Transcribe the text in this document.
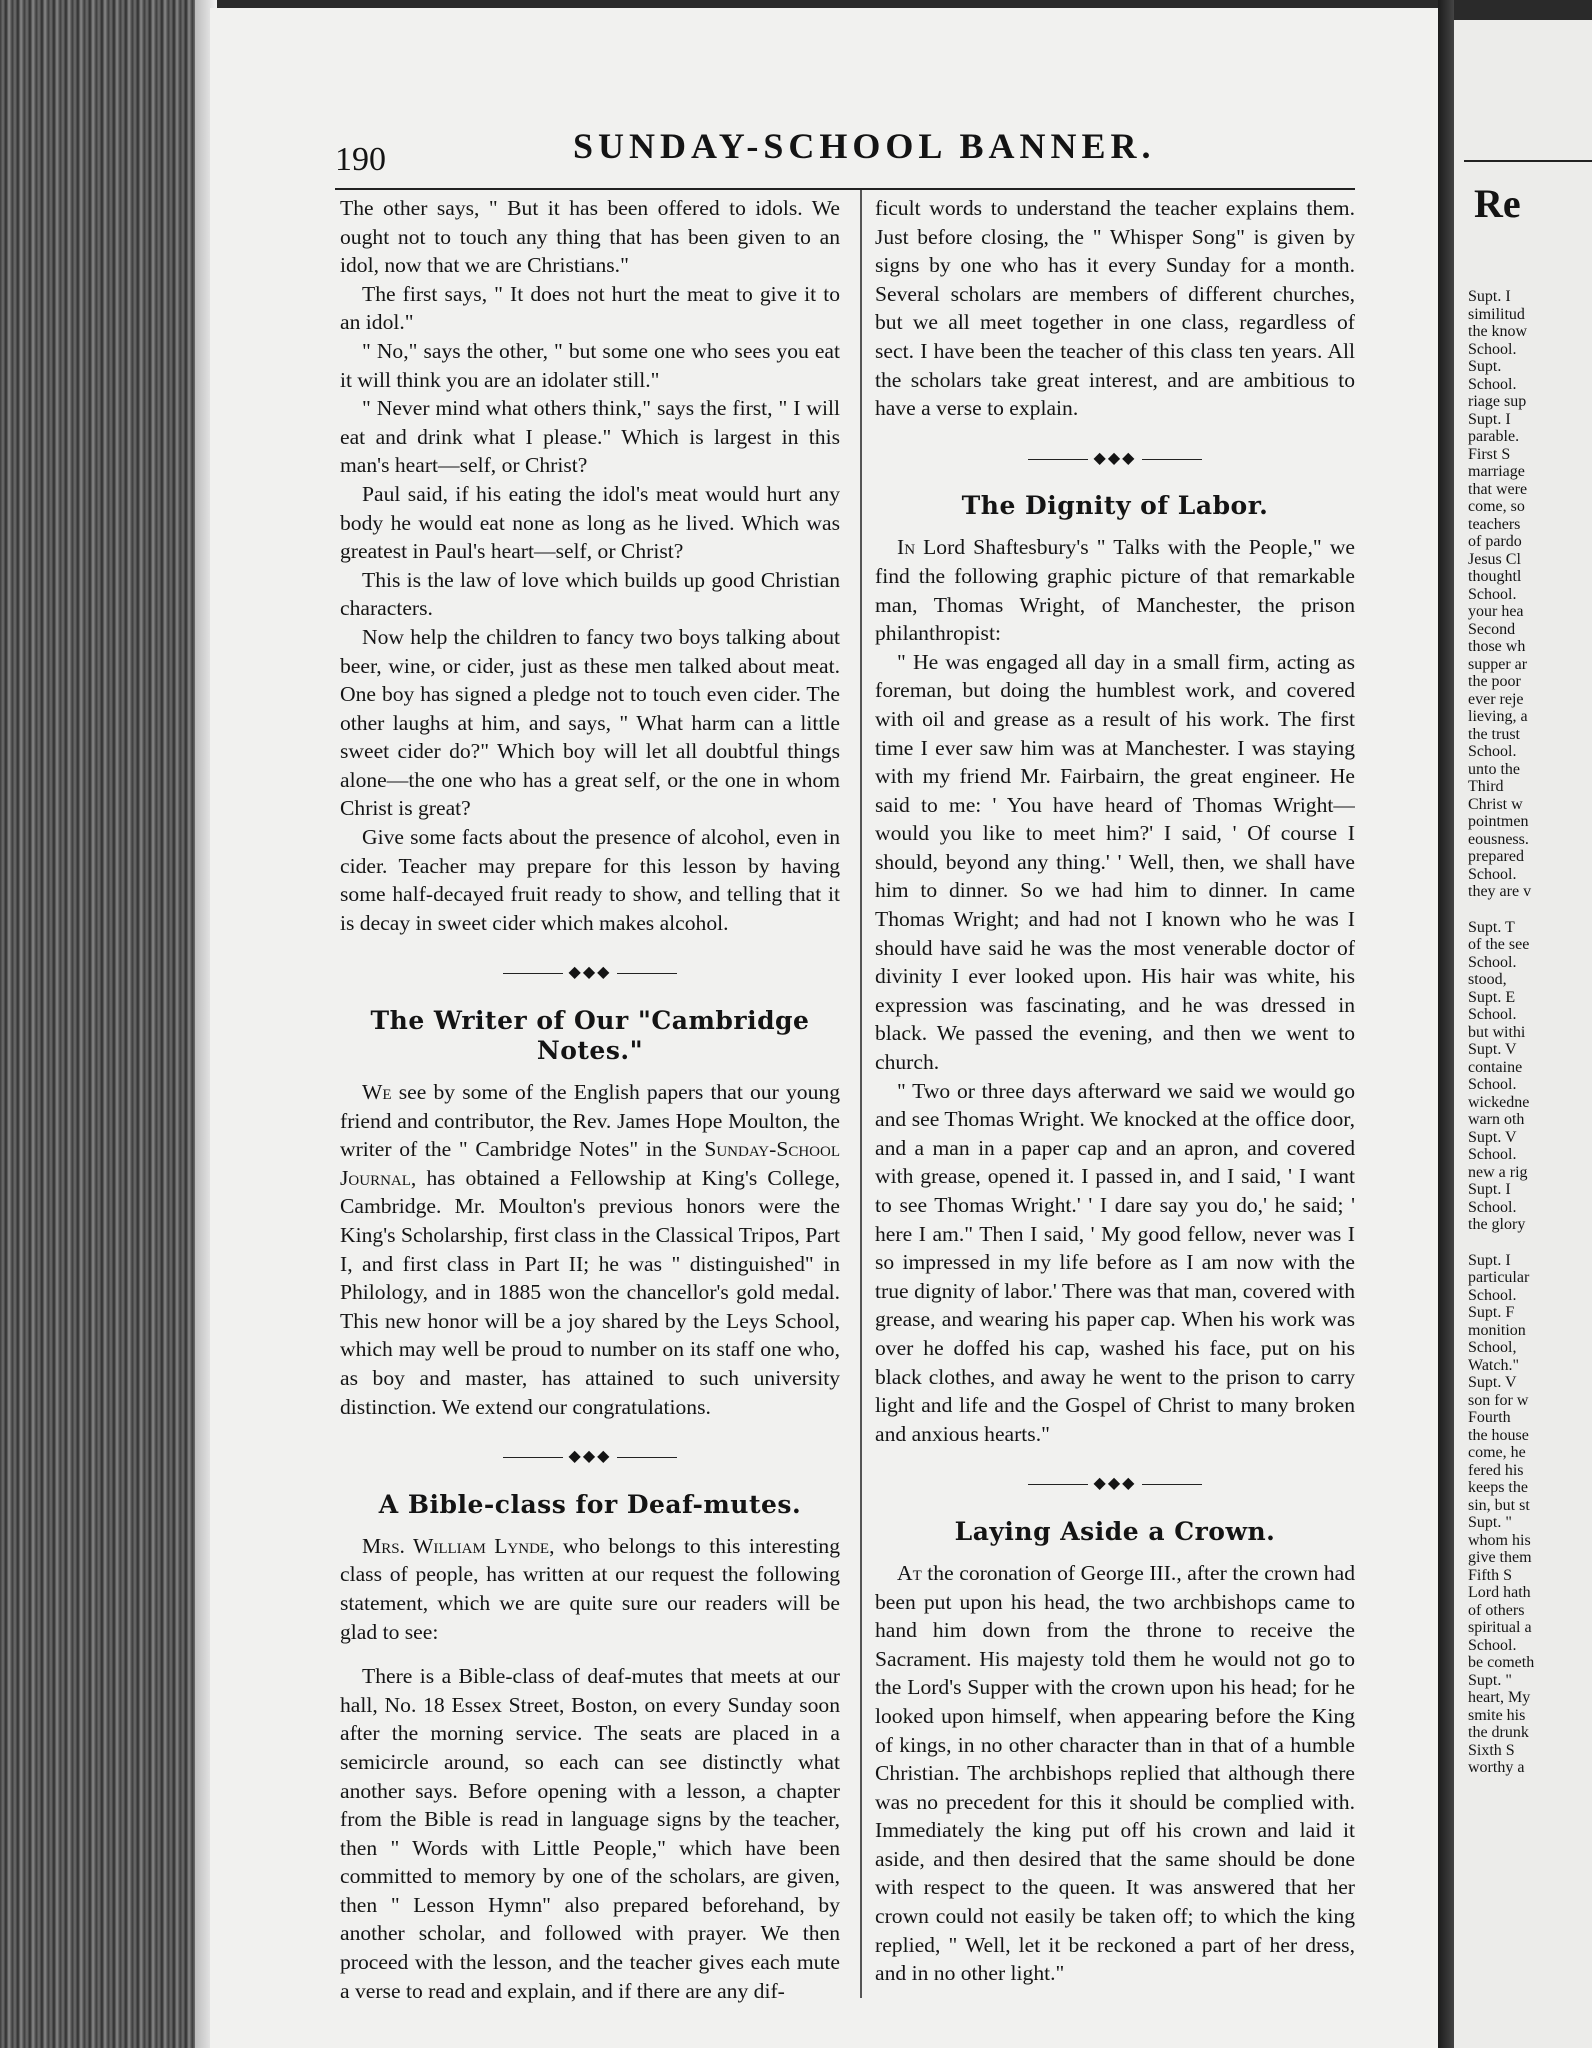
190	SUNDAY-SCHOOL BANNER.

The other says, " But it has been offered to idols. We ought not to touch any thing that has been given to an idol, now that we are Christians."

The first says, " It does not hurt the meat to give it to an idol."

" No," says the other, " but some one who sees you eat it will think you are an idolater still."

" Never mind what others think," says the first, " I will eat and drink what I please." Which is largest in this man's heart—self, or Christ?

Paul said, if his eating the idol's meat would hurt any body he would eat none as long as he lived. Which was greatest in Paul's heart—self, or Christ?

This is the law of love which builds up good Christian characters.

Now help the children to fancy two boys talking about beer, wine, or cider, just as these men talked about meat. One boy has signed a pledge not to touch even cider. The other laughs at him, and says, " What harm can a little sweet cider do?" Which boy will let all doubtful things alone—the one who has a great self, or the one in whom Christ is great?

Give some facts about the presence of alcohol, even in cider. Teacher may prepare for this lesson by having some half-decayed fruit ready to show, and telling that it is decay in sweet cider which makes alcohol.

◆◆◆
The Writer of Our "Cambridge Notes."

We see by some of the English papers that our young friend and contributor, the Rev. James Hope Moulton, the writer of the " Cambridge Notes" in the Sunday-School Journal, has obtained a Fellowship at King's College, Cambridge. Mr. Moulton's previous honors were the King's Scholarship, first class in the Classical Tripos, Part I, and first class in Part II; he was " distinguished" in Philology, and in 1885 won the chancellor's gold medal. This new honor will be a joy shared by the Leys School, which may well be proud to number on its staff one who, as boy and master, has attained to such university distinction. We extend our congratulations.

◆◆◆
A Bible-class for Deaf-mutes.

Mrs. William Lynde, who belongs to this interesting class of people, has written at our request the following statement, which we are quite sure our readers will be glad to see:

There is a Bible-class of deaf-mutes that meets at our hall, No. 18 Essex Street, Boston, on every Sunday soon after the morning service. The seats are placed in a semicircle around, so each can see distinctly what another says. Before opening with a lesson, a chapter from the Bible is read in language signs by the teacher, then " Words with Little People," which have been committed to memory by one of the scholars, are given, then " Lesson Hymn" also prepared beforehand, by another scholar, and followed with prayer. We then proceed with the lesson, and the teacher gives each mute a verse to read and explain, and if there are any dif-

ficult words to understand the teacher explains them. Just before closing, the " Whisper Song" is given by signs by one who has it every Sunday for a month. Several scholars are members of different churches, but we all meet together in one class, regardless of sect. I have been the teacher of this class ten years. All the scholars take great interest, and are ambitious to have a verse to explain.

◆◆◆
The Dignity of Labor.

In Lord Shaftesbury's " Talks with the People," we find the following graphic picture of that remarkable man, Thomas Wright, of Manchester, the prison philanthropist:

" He was engaged all day in a small firm, acting as foreman, but doing the humblest work, and covered with oil and grease as a result of his work. The first time I ever saw him was at Manchester. I was staying with my friend Mr. Fairbairn, the great engineer. He said to me: ' You have heard of Thomas Wright—would you like to meet him?' I said, ' Of course I should, beyond any thing.' ' Well, then, we shall have him to dinner. So we had him to dinner. In came Thomas Wright; and had not I known who he was I should have said he was the most venerable doctor of divinity I ever looked upon. His hair was white, his expression was fascinating, and he was dressed in black. We passed the evening, and then we went to church.

" Two or three days afterward we said we would go and see Thomas Wright. We knocked at the office door, and a man in a paper cap and an apron, and covered with grease, opened it. I passed in, and I said, ' I want to see Thomas Wright.' ' I dare say you do,' he said; ' here I am." Then I said, ' My good fellow, never was I so impressed in my life before as I am now with the true dignity of labor.' There was that man, covered with grease, and wearing his paper cap. When his work was over he doffed his cap, washed his face, put on his black clothes, and away he went to the prison to carry light and life and the Gospel of Christ to many broken and anxious hearts."

◆◆◆
Laying Aside a Crown.

At the coronation of George III., after the crown had been put upon his head, the two archbishops came to hand him down from the throne to receive the Sacrament. His majesty told them he would not go to the Lord's Supper with the crown upon his head; for he looked upon himself, when appearing before the King of kings, in no other character than in that of a humble Christian. The archbishops replied that although there was no precedent for this it should be complied with. Immediately the king put off his crown and laid it aside, and then desired that the same should be done with respect to the queen. It was answered that her crown could not easily be taken off; to which the king replied, " Well, let it be reckoned a part of her dress, and in no other light."

Re
Supt. I
similitud
the know
School.
Supt.
School.
riage sup
Supt. I
parable.
First S
marriage
that were
come, so
teachers
of pardo
Jesus Cl
thoughtl
School.
your hea
Second
those wh
supper ar
the poor
ever reje
lieving, a
the trust
School.
unto the
Third
Christ w
pointmen
eousness.
prepared
School.
they are v
Supt. T
of the see
School.
stood,
Supt. E
School.
but withi
Supt. V
containe
School.
wickedne
warn oth
Supt. V
School.
new a rig
Supt. I
School.
the glory
Supt. I
particular
School.
Supt. F
monition
School,
Watch."
Supt. V
son for w
Fourth
the house
come, he
fered his
keeps the
sin, but st
Supt. "
whom his
give them
Fifth S
Lord hath
of others
spiritual a
School.
be cometh
Supt. "
heart, My
smite his
the drunk
Sixth S
worthy a
